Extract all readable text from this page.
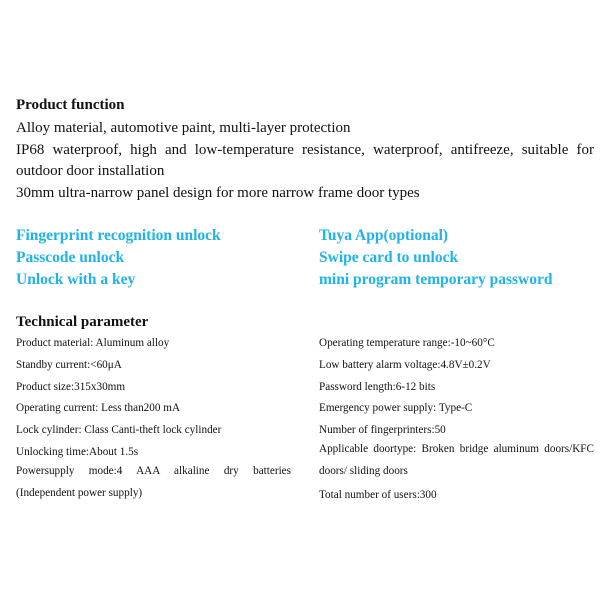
Product function

Alloy material, automotive paint, multi-layer protection

IP68 waterproof, high and low-temperature resistance, waterproof, antifreeze, suitable for outdoor door installation

30mm ultra-narrow panel design for more narrow frame door types

Fingerprint recognition unlock
Passcode unlock
Unlock with a key
Tuya App(optional)
Swipe card to unlock
mini program temporary password
Technical parameter
Product material: Aluminum alloy
Standby current:<60μA
Product size:315x30mm
Operating current: Less than200 mA
Lock cylinder: Class Canti-theft lock cylinder
Unlocking time:About 1.5s
Powersupply mode:4 AAA alkaline dry batteries (Independent power supply)
Operating temperature range:-10~60°C
Low battery alarm voltage:4.8V±0.2V
Password length:6-12 bits
Emergency power supply: Type-C
Number of fingerprinters:50
Applicable doortype: Broken bridge aluminum doors/KFC doors/ sliding doors
Total number of users:300
